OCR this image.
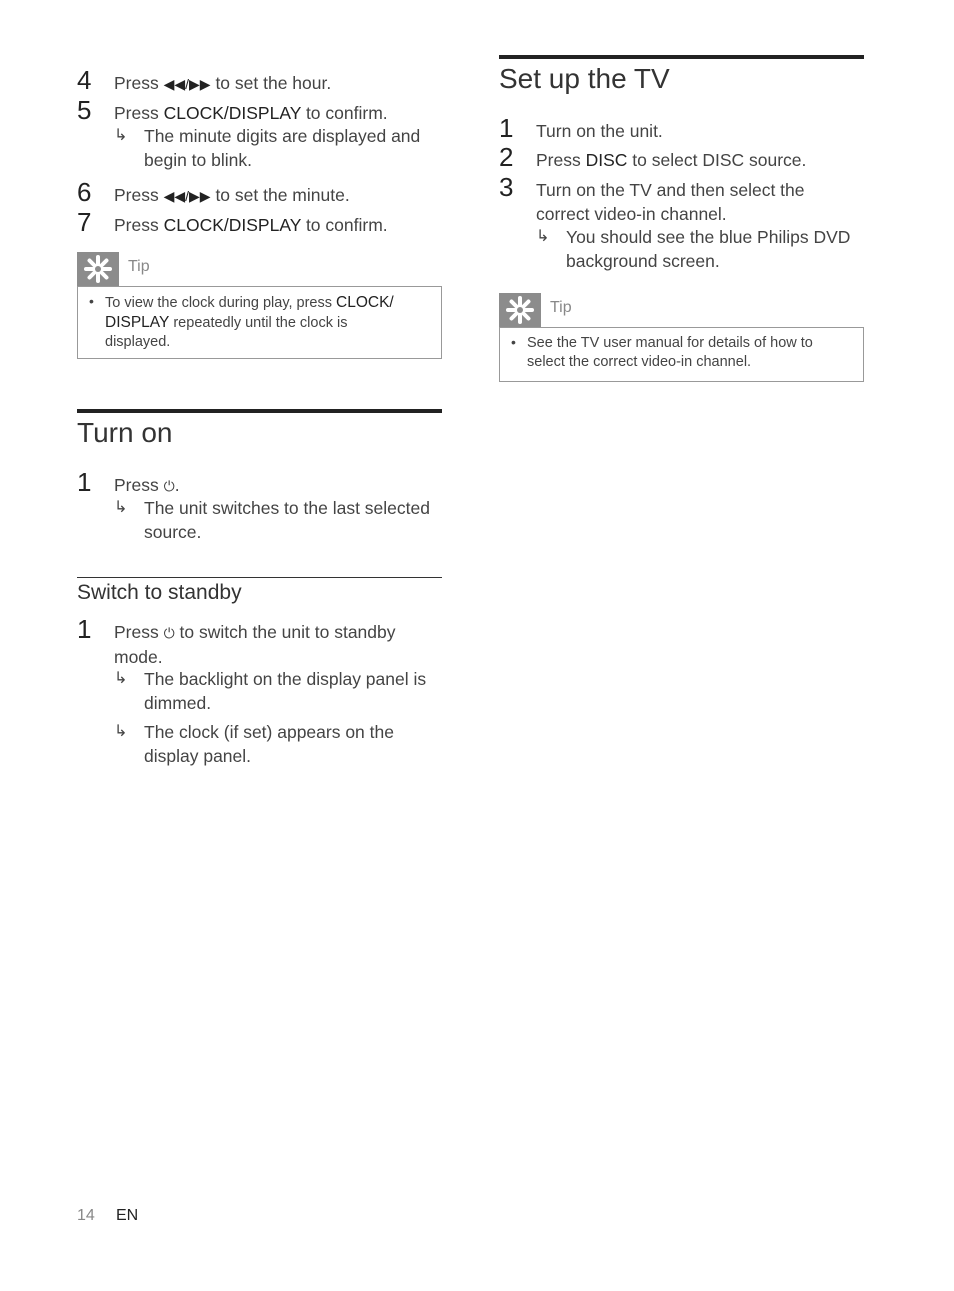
4 Press ◀◀/▶▶ to set the hour.
5 Press CLOCK/DISPLAY to confirm.
↳ The minute digits are displayed and
begin to blink.
6 Press ◀◀/▶▶ to set the minute.
7 Press CLOCK/DISPLAY to confirm.
Tip
• To view the clock during play, press CLOCK/
DISPLAY repeatedly until the clock is
displayed.
Turn on
1 Press ⏻.
↳ The unit switches to the last selected
source.
Switch to standby
1 Press ⏻ to switch the unit to standby
mode.
↳ The backlight on the display panel is
dimmed.
↳ The clock (if set) appears on the
display panel.
Set up the TV
1 Turn on the unit.
2 Press DISC to select DISC source.
3 Turn on the TV and then select the
correct video-in channel.
↳ You should see the blue Philips DVD
background screen.
Tip
• See the TV user manual for details of how to
select the correct video-in channel.
14 EN
